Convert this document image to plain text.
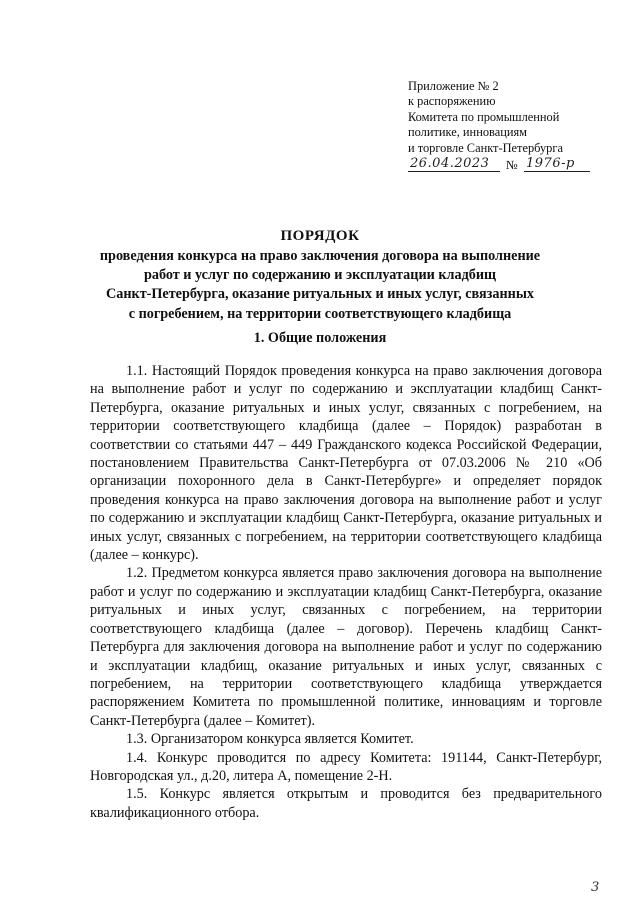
Приложение № 2
к распоряжению
Комитета по промышленной
политике, инновациям
и торговле Санкт-Петербурга
26.04.2023 № 1976-р
ПОРЯДОК
проведения конкурса на право заключения договора на выполнение
работ и услуг по содержанию и эксплуатации кладбищ
Санкт-Петербурга, оказание ритуальных и иных услуг, связанных
с погребением, на территории соответствующего кладбища
1. Общие положения

1.1. Настоящий Порядок проведения конкурса на право заключения договора на выполнение работ и услуг по содержанию и эксплуатации кладбищ Санкт-Петербурга, оказание ритуальных и иных услуг, связанных с погребением, на территории соответствующего кладбища (далее – Порядок) разработан в соответствии со статьями 447 – 449 Гражданского кодекса Российской Федерации, постановлением Правительства Санкт-Петербурга от 07.03.2006 № 210 «Об организации похоронного дела в Санкт-Петербурге» и определяет порядок проведения конкурса на право заключения договора на выполнение работ и услуг по содержанию и эксплуатации кладбищ Санкт-Петербурга, оказание ритуальных и иных услуг, связанных с погребением, на территории соответствующего кладбища (далее – конкурс).

1.2. Предметом конкурса является право заключения договора на выполнение работ и услуг по содержанию и эксплуатации кладбищ Санкт-Петербурга, оказание ритуальных и иных услуг, связанных с погребением, на территории соответствующего кладбища (далее – договор). Перечень кладбищ Санкт-Петербурга для заключения договора на выполнение работ и услуг по содержанию и эксплуатации кладбищ, оказание ритуальных и иных услуг, связанных с погребением, на территории соответствующего кладбища утверждается распоряжением Комитета по промышленной политике, инновациям и торговле Санкт-Петербурга (далее – Комитет).

1.3. Организатором конкурса является Комитет.

1.4. Конкурс проводится по адресу Комитета: 191144, Санкт-Петербург, Новгородская ул., д.20, литера А, помещение 2-Н.

1.5. Конкурс является открытым и проводится без предварительного квалификационного отбора.

3
